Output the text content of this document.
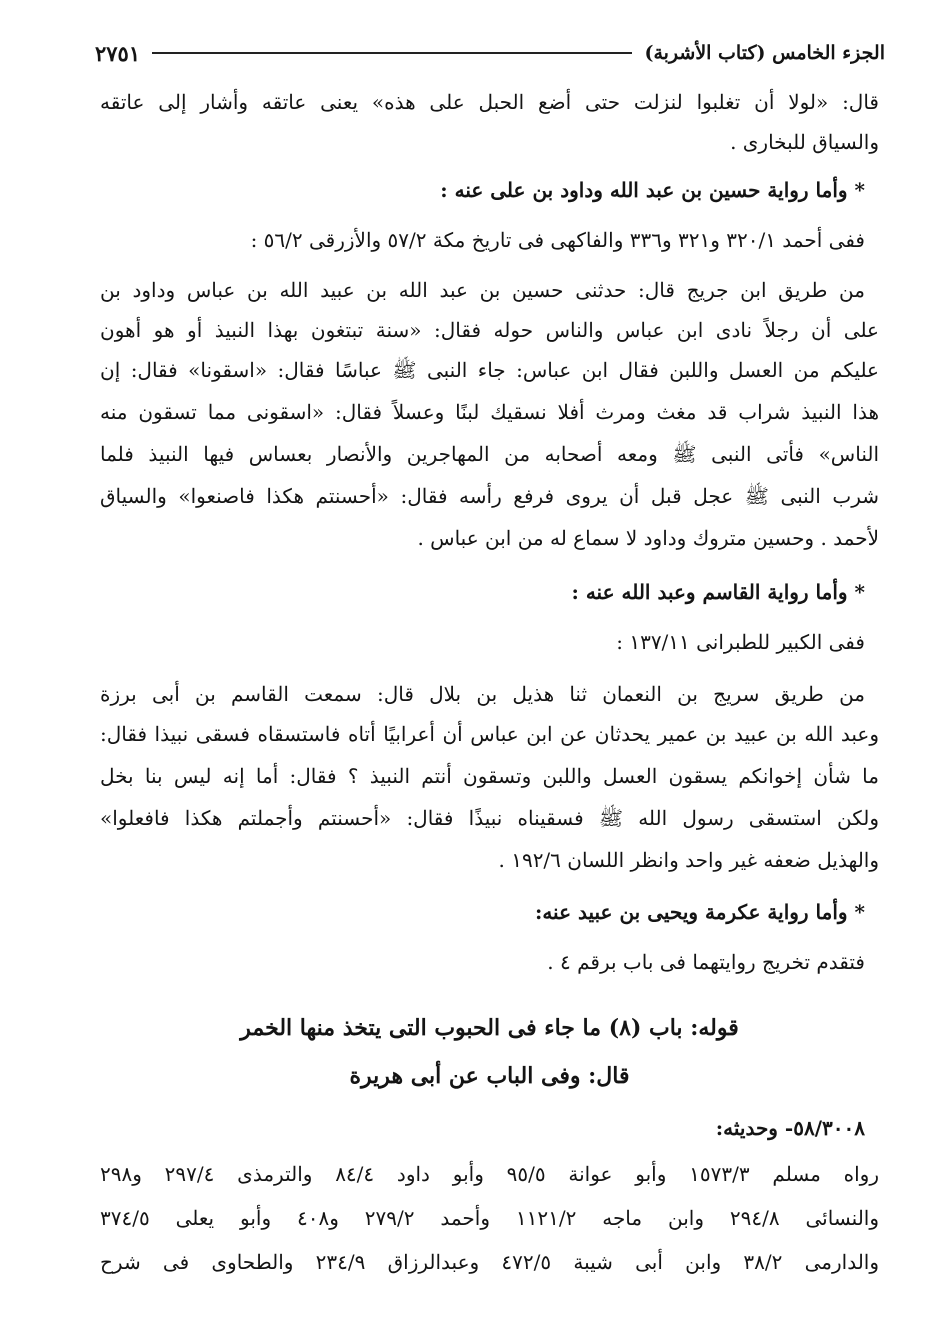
الجزء الخامس (كتاب الأشربة)
٢٧٥١
قال: «لولا أن تغلبوا لنزلت حتى أضع الحبل على هذه» يعنى عاتقه وأشار إلى عاتقه
والسياق للبخارى .
* وأما رواية حسين بن عبد الله وداود بن على عنه :
ففى أحمد ٣٢٠/١ و٣٢١ و٣٣٦ والفاكهى فى تاريخ مكة ٥٧/٢ والأزرقى ٥٦/٢ :
من طريق ابن جريج قال: حدثنى حسين بن عبد الله بن عبيد الله بن عباس وداود بن
على أن رجلاً نادى ابن عباس والناس حوله فقال: «سنة تبتغون بهذا النبيذ أو هو أهون
عليكم من العسل واللبن فقال ابن عباس: جاء النبى ﷺ عباسًا فقال: «اسقونا» فقال: إن
هذا النبيذ شراب قد مغث ومرث أفلا نسقيك لبنًا وعسلاً فقال: «اسقونى مما تسقون منه
الناس» فأتى النبى ﷺ ومعه أصحابه من المهاجرين والأنصار بعساس فيها النبيذ فلما
شرب النبى ﷺ عجل قبل أن يروى فرفع رأسه فقال: «أحسنتم هكذا فاصنعوا» والسياق
لأحمد . وحسين متروك وداود لا سماع له من ابن عباس .
* وأما رواية القاسم وعبد الله عنه :
ففى الكبير للطبرانى ١٣٧/١١ :
من طريق سريج بن النعمان ثنا هذيل بن بلال قال: سمعت القاسم بن أبى برزة
وعبد الله بن عبيد بن عمير يحدثان عن ابن عباس أن أعرابيًا أتاه فاستسقاه فسقى نبيذا فقال:
ما شأن إخوانكم يسقون العسل واللبن وتسقون أنتم النبيذ ؟ فقال: أما إنه ليس بنا بخل
ولكن استسقى رسول الله ﷺ فسقيناه نبيذًا فقال: «أحسنتم وأجملتم هكذا فافعلوا»
والهذيل ضعفه غير واحد وانظر اللسان ١٩٢/٦ .
* وأما رواية عكرمة ويحيى بن عبيد عنه:
فتقدم تخريج روايتهما فى باب برقم ٤ .
قوله: باب (٨) ما جاء فى الحبوب التى يتخذ منها الخمر
قال: وفى الباب عن أبى هريرة
٥٨/٣٠٠٨- وحديثه:
رواه مسلم ١٥٧٣/٣ وأبو عوانة ٩٥/٥ وأبو داود ٨٤/٤ والترمذى ٢٩٧/٤ و٢٩٨
والنسائى ٢٩٤/٨ وابن ماجه ١١٢١/٢ وأحمد ٢٧٩/٢ و٤٠٨ وأبو يعلى ٣٧٤/٥
والدارمى ٣٨/٢ وابن أبى شيبة ٤٧٢/٥ وعبدالرزاق ٢٣٤/٩ والطحاوى فى شرح
